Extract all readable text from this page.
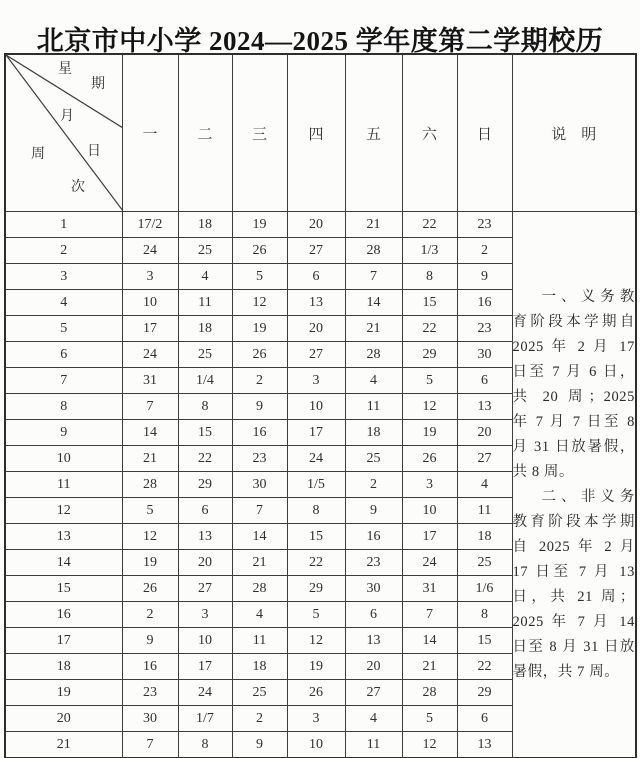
北京市中小学 2024—2025 学年度第二学期校历
星
期
月
日
周
次
	一	二	三	四	五	六	日	说　明
1	17/2	18	19	20	21	22	23	
一、义务教
育阶段本学期自
2025 年 2 月 17
日至 7 月 6 日，
共 20 周；2025
年 7 月 7 日至 8
月 31 日放暑假，
共 8 周。
二、非义务
教育阶段本学期
自 2025 年 2 月
17 日至 7 月 13
日，共 21 周；
2025 年 7 月 14
日至 8 月 31 日放
暑假，共 7 周。

2	24	25	26	27	28	1/3	2	
3	3	4	5	6	7	8	9	
4	10	11	12	13	14	15	16	
5	17	18	19	20	21	22	23	
6	24	25	26	27	28	29	30	
7	31	1/4	2	3	4	5	6	
8	7	8	9	10	11	12	13	
9	14	15	16	17	18	19	20	
10	21	22	23	24	25	26	27	
11	28	29	30	1/5	2	3	4	
12	5	6	7	8	9	10	11	
13	12	13	14	15	16	17	18	
14	19	20	21	22	23	24	25	
15	26	27	28	29	30	31	1/6	
16	2	3	4	5	6	7	8	
17	9	10	11	12	13	14	15	
18	16	17	18	19	20	21	22	
19	23	24	25	26	27	28	29	
20	30	1/7	2	3	4	5	6	
21	7	8	9	10	11	12	13	
